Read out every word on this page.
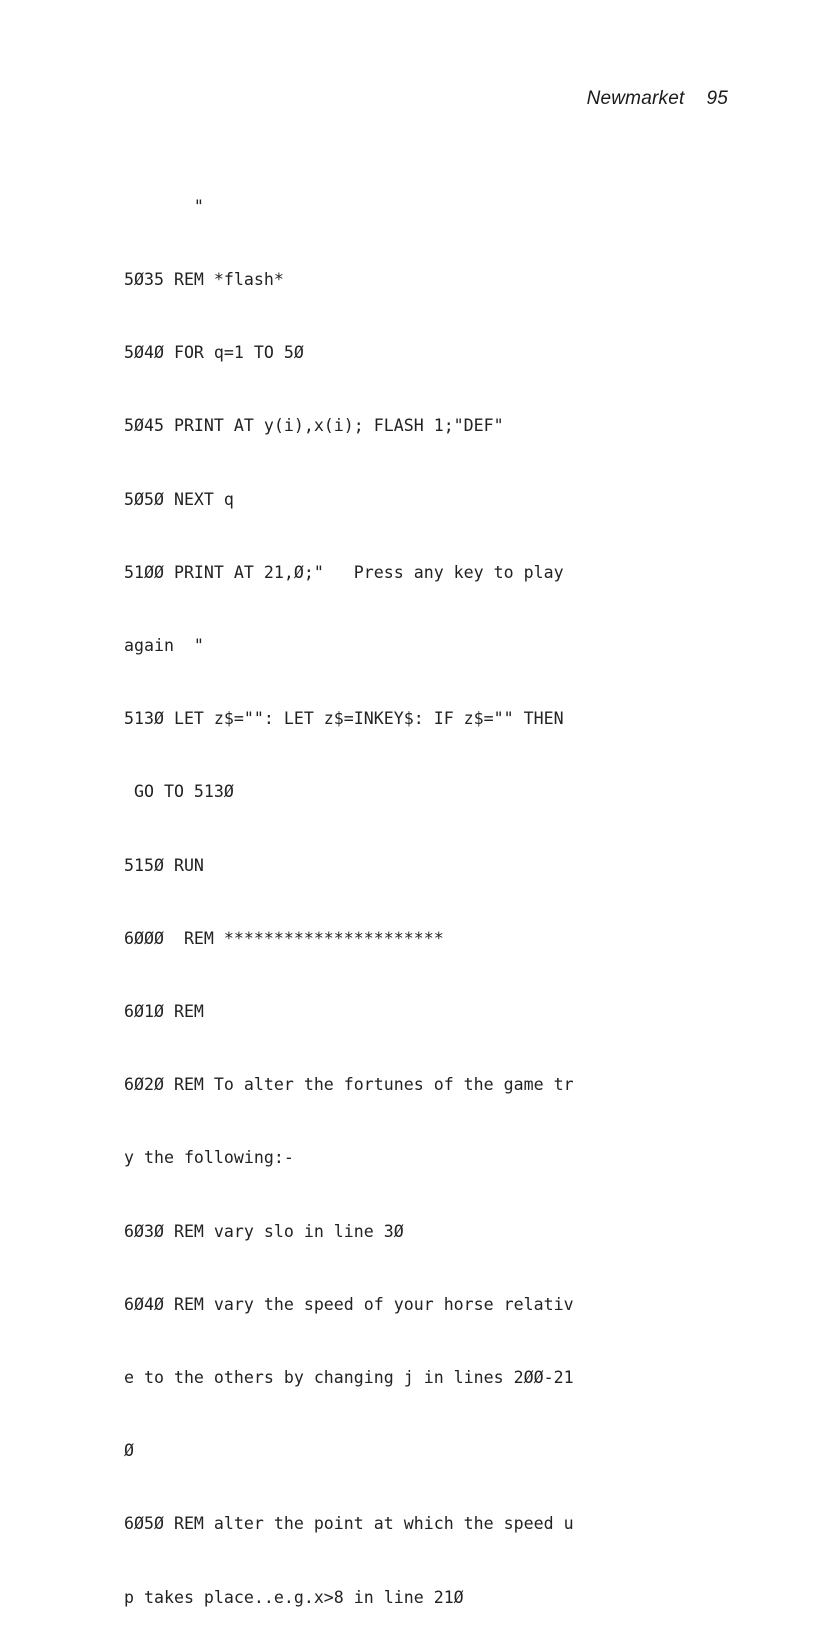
Newmarket 95

"

5Ø35 REM *flash*

5Ø4Ø FOR q=1 TO 5Ø

5Ø45 PRINT AT y(i),x(i); FLASH 1;"DEF"

5Ø5Ø NEXT q

51ØØ PRINT AT 21,Ø;"   Press any key to play

again  "

513Ø LET z$="": LET z$=INKEY$: IF z$="" THEN

GO TO 513Ø

515Ø RUN

6ØØØ  REM **********************

6Ø1Ø REM

6Ø2Ø REM To alter the fortunes of the game tr

y the following:-

6Ø3Ø REM vary slo in line 3Ø

6Ø4Ø REM vary the speed of your horse relativ

e to the others by changing j in lines 2ØØ-21

Ø

6Ø5Ø REM alter the point at which the speed u

p takes place..e.g.x>8 in line 21Ø
